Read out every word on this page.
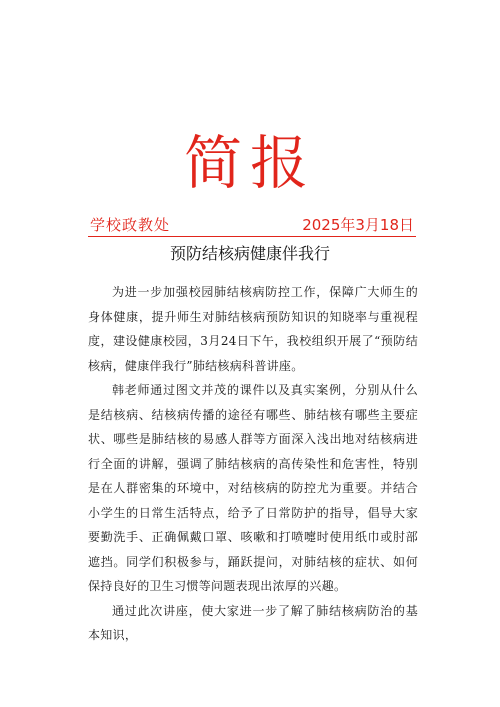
简报
学校政教处	2025年3月18日
预防结核病健康伴我行

为进一步加强校园肺结核病防控工作，保障广大师生的身体健康，提升师生对肺结核病预防知识的知晓率与重视程度，建设健康校园，3月24日下午，我校组织开展了“预防结核病，健康伴我行”肺结核病科普讲座。

韩老师通过图文并茂的课件以及真实案例，分别从什么是结核病、结核病传播的途径有哪些、肺结核有哪些主要症状、哪些是肺结核的易感人群等方面深入浅出地对结核病进行全面的讲解，强调了肺结核病的高传染性和危害性，特别是在人群密集的环境中，对结核病的防控尤为重要。并结合小学生的日常生活特点，给予了日常防护的指导，倡导大家要勤洗手、正确佩戴口罩、咳嗽和打喷嚏时使用纸巾或肘部遮挡。同学们积极参与，踊跃提问，对肺结核的症状、如何保持良好的卫生习惯等问题表现出浓厚的兴趣。

通过此次讲座，使大家进一步了解了肺结核病防治的基本知识，
